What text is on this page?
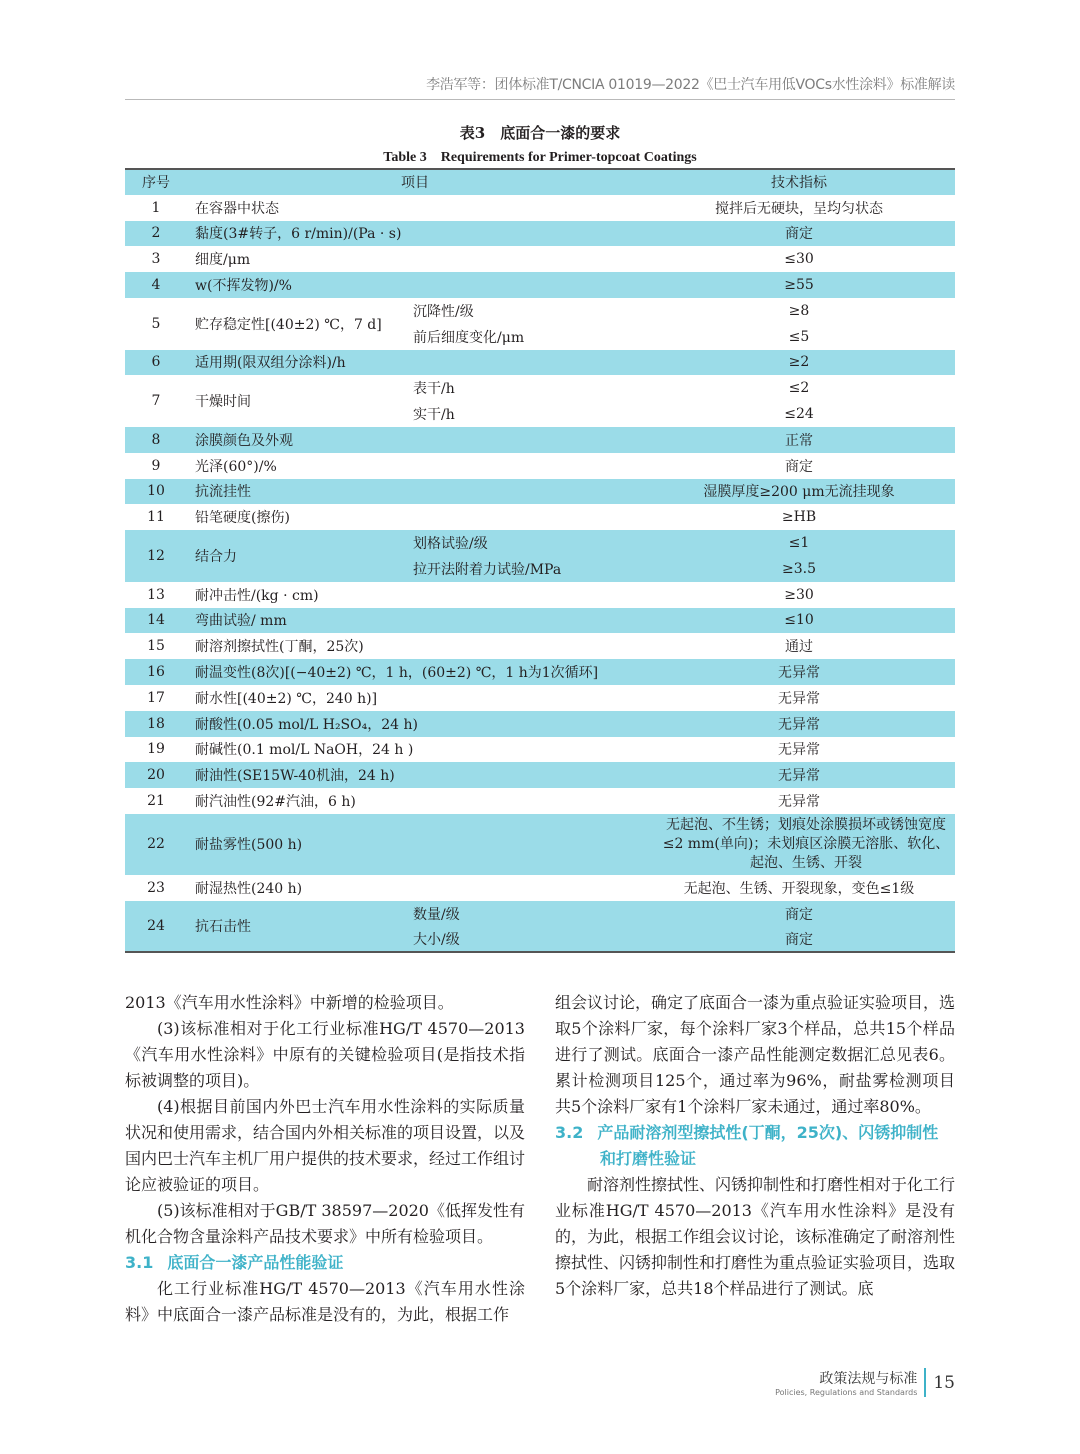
李浩军等：团体标准T/CNCIA 01019—2022《巴士汽车用低VOCs水性涂料》标准解读
表3　底面合一漆的要求
Table 3　Requirements for Primer-topcoat Coatings
序号	项目		技术指标
1	在容器中状态		搅拌后无硬块，呈均匀状态
2	黏度(3#转子，6 r/min)/(Pa · s)		商定
3	细度/μm		≤30
4	w(不挥发物)/%		≥55
5	贮存稳定性[(40±2) ℃，7 d]	沉降性/级	≥8
		前后细度变化/μm	≤5
6	适用期(限双组分涂料)/h		≥2
7	干燥时间	表干/h	≤2
		实干/h	≤24
8	涂膜颜色及外观		正常
9	光泽(60°)/%		商定
10	抗流挂性		湿膜厚度≥200 μm无流挂现象
11	铅笔硬度(擦伤)		≥HB
12	结合力	划格试验/级	≤1
		拉开法附着力试验/MPa	≥3.5
13	耐冲击性/(kg · cm)		≥30
14	弯曲试验/ mm		≤10
15	耐溶剂擦拭性(丁酮，25次)		通过
16	耐温变性(8次)[(−40±2) ℃，1 h，(60±2) ℃，1 h为1次循环]		无异常
17	耐水性[(40±2) ℃，240 h)]		无异常
18	耐酸性(0.05 mol/L H₂SO₄，24 h)		无异常
19	耐碱性(0.1 mol/L NaOH，24 h )		无异常
20	耐油性(SE15W-40机油，24 h)		无异常
21	耐汽油性(92#汽油，6 h)		无异常
22	耐盐雾性(500 h)		无起泡、不生锈；划痕处涂膜损坏或锈蚀宽度≤2 mm(单向)；未划痕区涂膜无溶胀、软化、起泡、生锈、开裂
23	耐湿热性(240 h)		无起泡、生锈、开裂现象，变色≤1级
24	抗石击性	数量/级	商定
		大小/级	商定

2013《汽车用水性涂料》中新增的检验项目。

(3)该标准相对于化工行业标准HG/T 4570—2013《汽车用水性涂料》中原有的关键检验项目(是指技术指标被调整的项目)。

(4)根据目前国内外巴士汽车用水性涂料的实际质量状况和使用需求，结合国内外相关标准的项目设置，以及国内巴士汽车主机厂用户提供的技术要求，经过工作组讨论应被验证的项目。

(5)该标准相对于GB/T 38597—2020《低挥发性有机化合物含量涂料产品技术要求》中所有检验项目。

3.1 底面合一漆产品性能验证

化工行业标准HG/T 4570—2013《汽车用水性涂料》中底面合一漆产品标准是没有的，为此，根据工作

组会议讨论，确定了底面合一漆为重点验证实验项目，选取5个涂料厂家，每个涂料厂家3个样品，总共15个样品进行了测试。底面合一漆产品性能测定数据汇总见表6。累计检测项目125个，通过率为96%，耐盐雾检测项目共5个涂料厂家有1个涂料厂家未通过，通过率80%。

3.2 产品耐溶剂型擦拭性(丁酮，25次)、闪锈抑制性
和打磨性验证

耐溶剂性擦拭性、闪锈抑制性和打磨性相对于化工行业标准HG/T 4570—2013《汽车用水性涂料》是没有的，为此，根据工作组会议讨论，该标准确定了耐溶剂性擦拭性、闪锈抑制性和打磨性为重点验证实验项目，选取5个涂料厂家，总共18个样品进行了测试。底

政策法规与标准
Policies, Regulations and Standards 15
